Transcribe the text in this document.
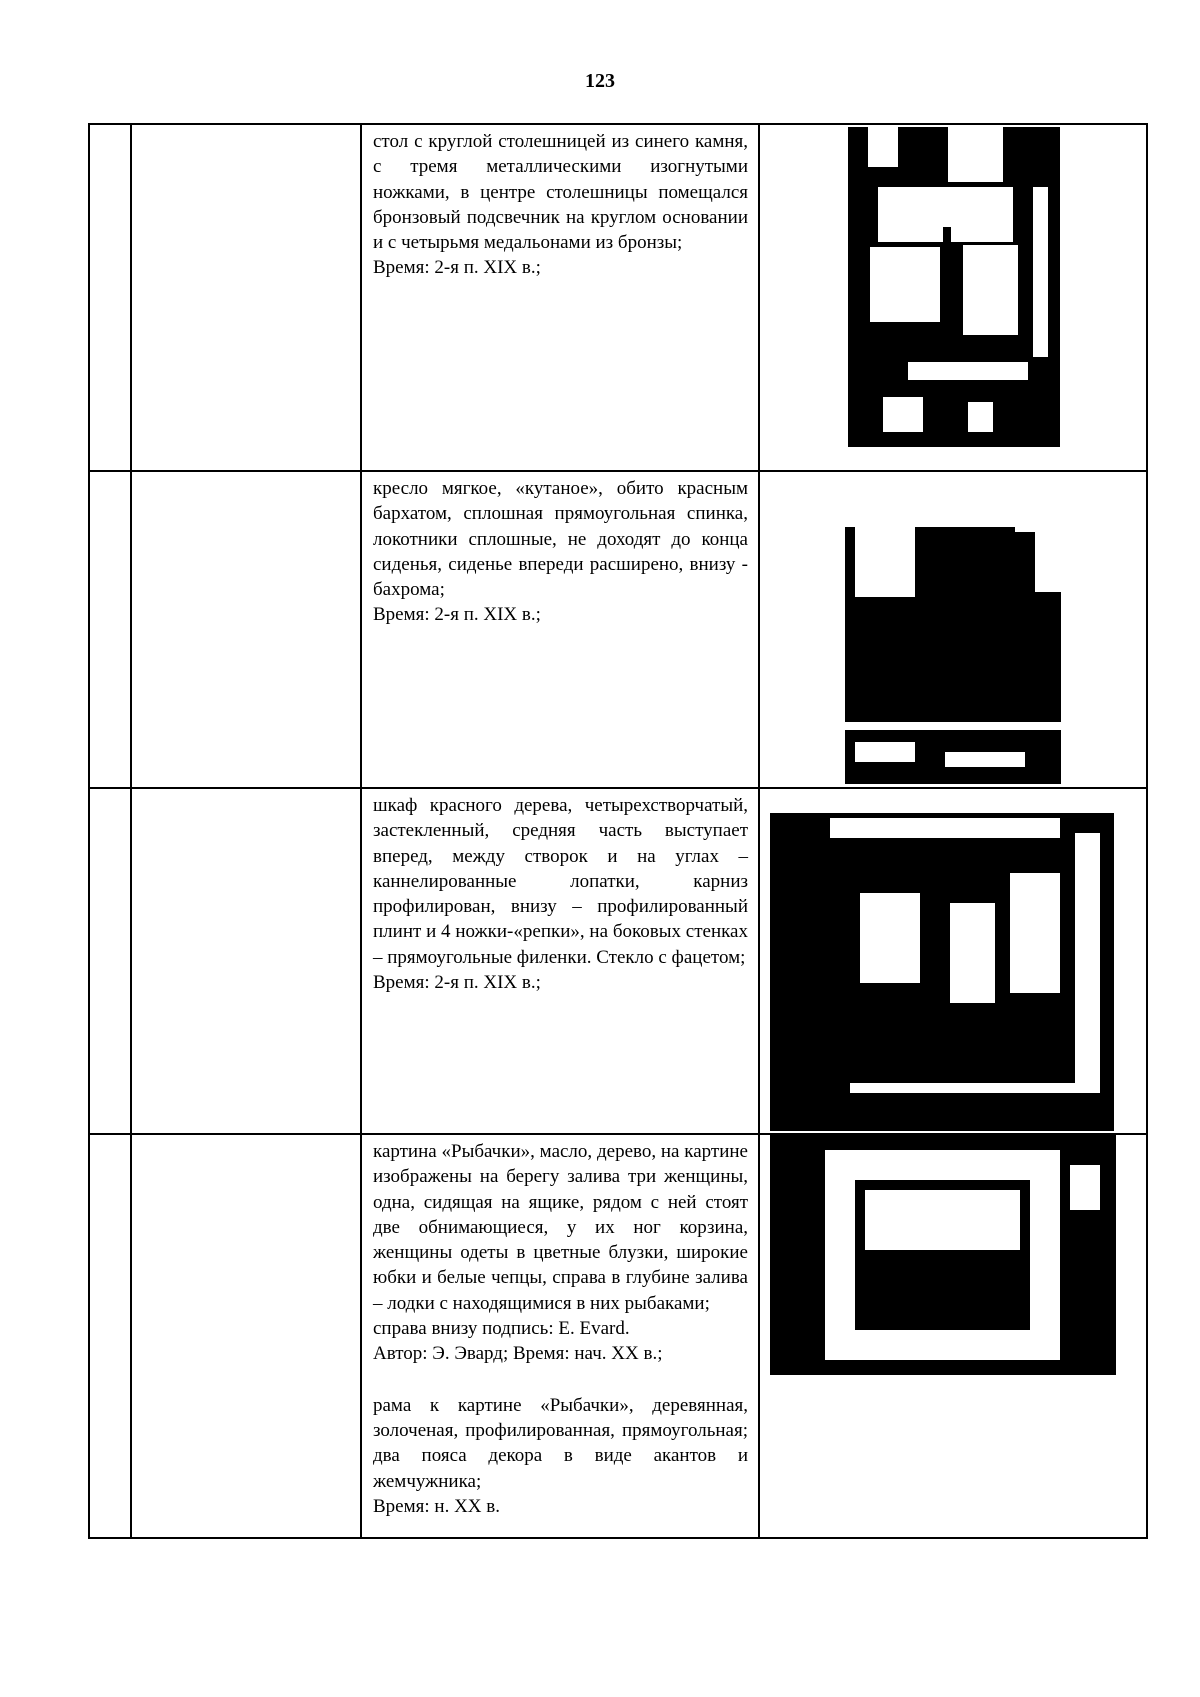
123

		стол с круглой столешницей из синего камня, с тремя металлическими изогнутыми ножками, в центре столешницы помещался бронзовый подсвечник на круглом основании и с четырьмя медальонами из бронзы;

Время: 2-я п. XIX в.;

		кресло мягкое, «кутаное», обито красным бархатом, сплошная прямоугольная спинка, локотники сплошные, не доходят до конца сиденья, сиденье впереди расширено, внизу - бахрома;

Время: 2-я п. XIX в.;

		шкаф красного дерева, четырехстворчатый, застекленный, средняя часть выступает вперед, между створок и на углах – каннелированные лопатки, карниз профилирован, внизу – профилированный плинт и 4 ножки-«репки», на боковых стенках – прямоугольные филенки. Стекло с фацетом;

Время: 2-я п. XIX в.;

		картина «Рыбачки», масло, дерево, на картине изображены на берегу залива три женщины, одна, сидящая на ящике, рядом с ней стоят две обнимающиеся, у их ног корзина, женщины одеты в цветные блузки, широкие юбки и белые чепцы, справа в глубине залива – лодки с находящимися в них рыбаками;

справа внизу подпись: E. Evard.

Автор: Э. Эвард; Время: нач. XX в.;

рама к картине «Рыбачки», деревянная, золоченая, профилированная, прямоугольная; два пояса декора в виде акантов и жемчужника;

Время: н. XX в.
